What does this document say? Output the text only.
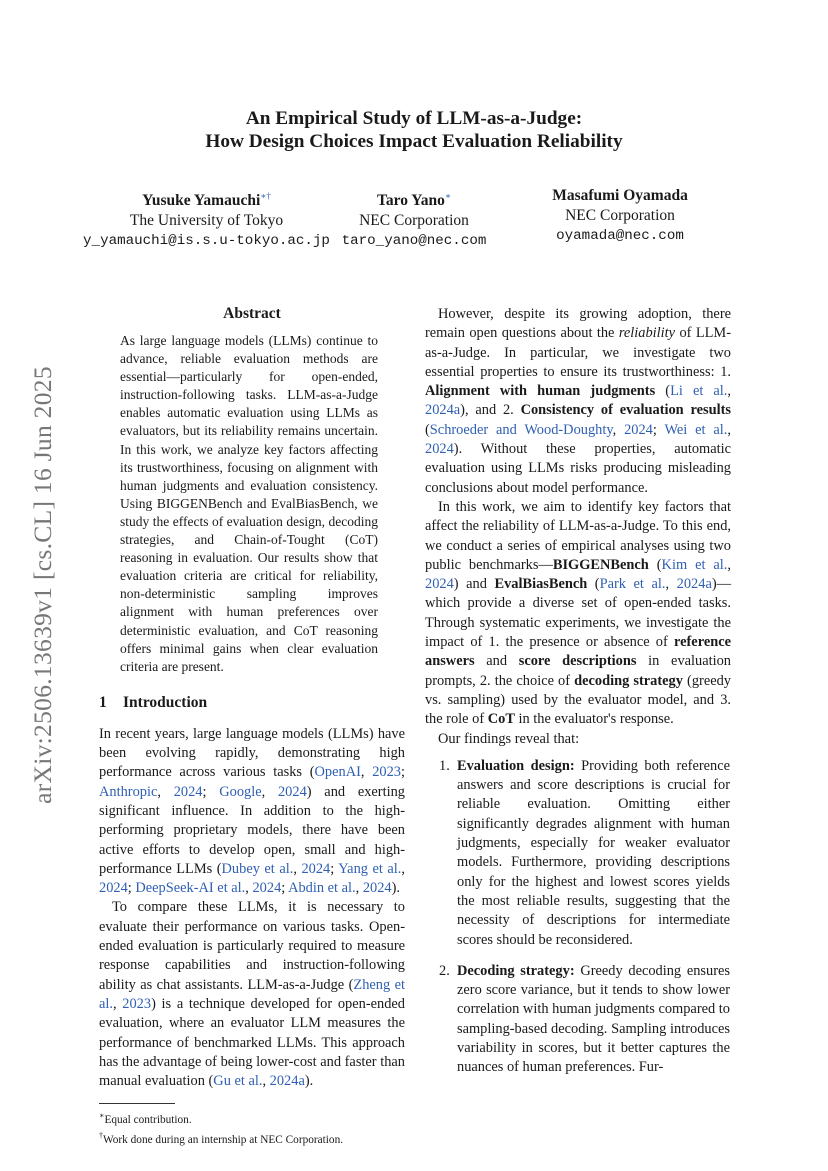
arXiv:2506.13639v1 [cs.CL] 16 Jun 2025
An Empirical Study of LLM-as-a-Judge:
How Design Choices Impact Evaluation Reliability
Yusuke Yamauchi∗†
The University of Tokyo
y_yamauchi@is.s.u-tokyo.ac.jp
Taro Yano∗
NEC Corporation
taro_yano@nec.com
Masafumi Oyamada
NEC Corporation
oyamada@nec.com
Abstract

As large language models (LLMs) continue to advance, reliable evaluation methods are essential—particularly for open-ended, instruction-following tasks. LLM-as-a-Judge enables automatic evaluation using LLMs as evaluators, but its reliability remains uncertain. In this work, we analyze key factors affecting its trustworthiness, focusing on alignment with human judgments and evaluation consistency. Using BIGGENBench and EvalBiasBench, we study the effects of evaluation design, decoding strategies, and Chain-of-Tought (CoT) reasoning in evaluation. Our results show that evaluation criteria are critical for reliability, non-deterministic sampling improves alignment with human preferences over deterministic evaluation, and CoT reasoning offers minimal gains when clear evaluation criteria are present.

1 Introduction

In recent years, large language models (LLMs) have been evolving rapidly, demonstrating high performance across various tasks (OpenAI, 2023; Anthropic, 2024; Google, 2024) and exerting significant influence. In addition to the high-performing proprietary models, there have been active efforts to develop open, small and high-performance LLMs (Dubey et al., 2024; Yang et al., 2024; DeepSeek-AI et al., 2024; Abdin et al., 2024).

To compare these LLMs, it is necessary to evaluate their performance on various tasks. Open-ended evaluation is particularly required to measure response capabilities and instruction-following ability as chat assistants. LLM-as-a-Judge (Zheng et al., 2023) is a technique developed for open-ended evaluation, where an evaluator LLM measures the performance of benchmarked LLMs. This approach has the advantage of being lower-cost and faster than manual evaluation (Gu et al., 2024a).

∗Equal contribution.

†Work done during an internship at NEC Corporation.

However, despite its growing adoption, there remain open questions about the reliability of LLM-as-a-Judge. In particular, we investigate two essential properties to ensure its trustworthiness: 1. Alignment with human judgments (Li et al., 2024a), and 2. Consistency of evaluation results (Schroeder and Wood-Doughty, 2024; Wei et al., 2024). Without these properties, automatic evaluation using LLMs risks producing misleading conclusions about model performance.

In this work, we aim to identify key factors that affect the reliability of LLM-as-a-Judge. To this end, we conduct a series of empirical analyses using two public benchmarks—BIGGENBench (Kim et al., 2024) and EvalBiasBench (Park et al., 2024a)—which provide a diverse set of open-ended tasks. Through systematic experiments, we investigate the impact of 1. the presence or absence of reference answers and score descriptions in evaluation prompts, 2. the choice of decoding strategy (greedy vs. sampling) used by the evaluator model, and 3. the role of CoT in the evaluator's response.

Our findings reveal that:

1. Evaluation design: Providing both reference answers and score descriptions is crucial for reliable evaluation. Omitting either significantly degrades alignment with human judgments, especially for weaker evaluator models. Furthermore, providing descriptions only for the highest and lowest scores yields the most reliable results, suggesting that the necessity of descriptions for intermediate scores should be reconsidered.
2. Decoding strategy: Greedy decoding ensures zero score variance, but it tends to show lower correlation with human judgments compared to sampling-based decoding. Sampling introduces variability in scores, but it better captures the nuances of human preferences. Fur-
